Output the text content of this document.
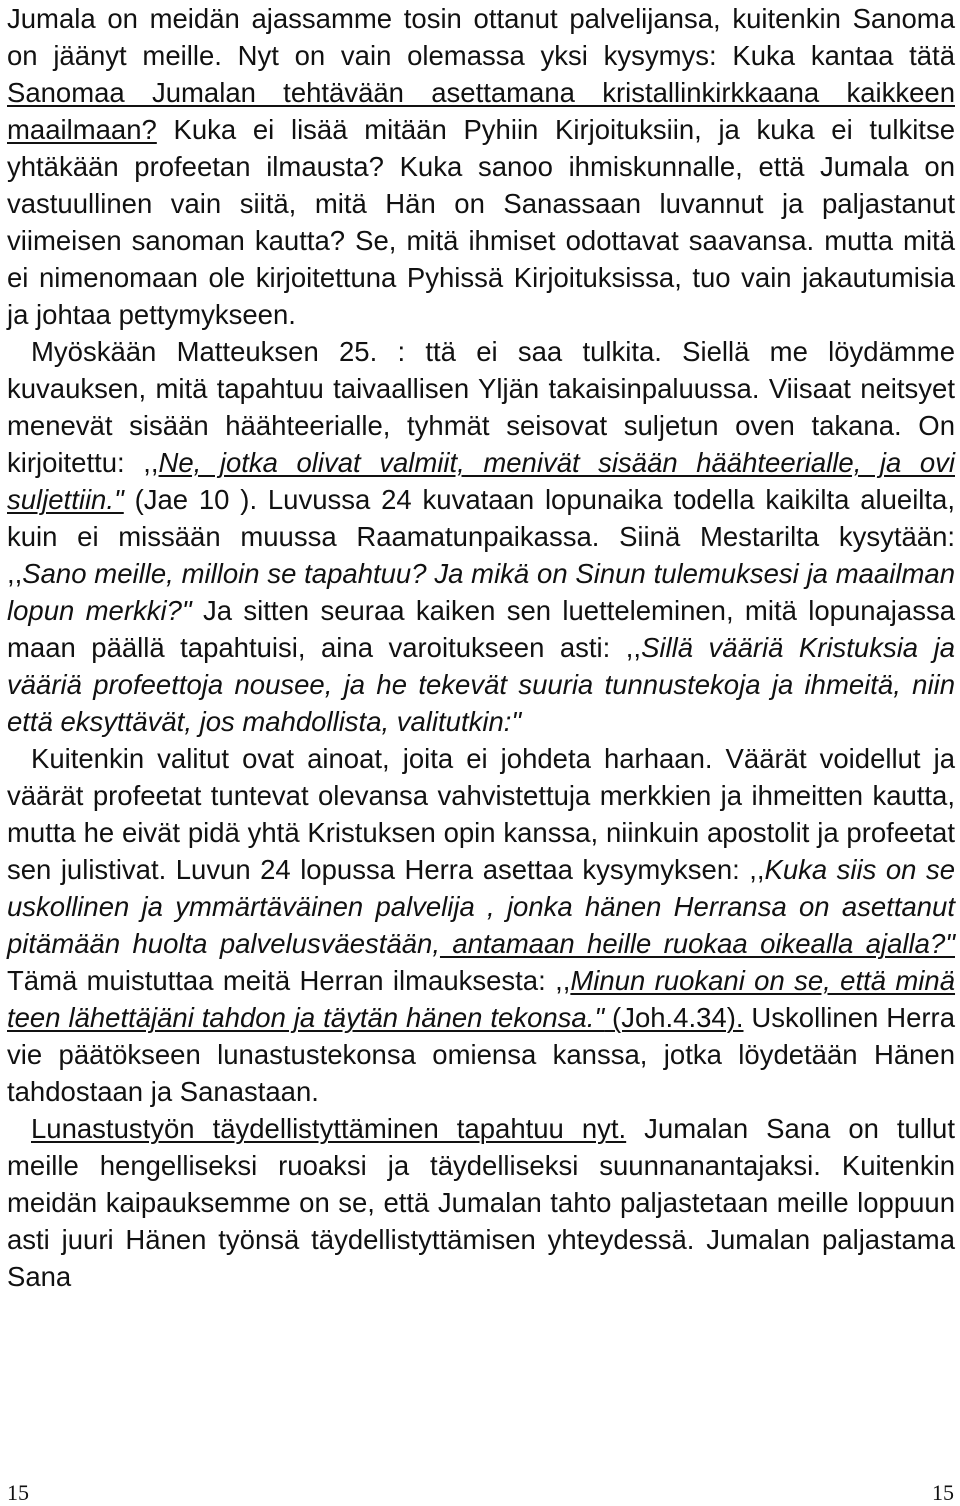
Jumala on meidän ajassamme tosin ottanut palvelijansa, kuitenkin Sanoma on jäänyt meille. Nyt on vain olemassa yksi kysymys: Kuka kantaa tätä Sanomaa Jumalan tehtävään asettamana kristallinkirkkaana kaikkeen maailmaan? Kuka ei lisää mitään Pyhiin Kirjoituksiin, ja kuka ei tulkitse yhtäkään profeetan ilmausta? Kuka sanoo ihmiskunnalle, että Jumala on vastuullinen vain siitä, mitä Hän on Sanassaan luvannut ja paljastanut viimeisen sanoman kautta? Se, mitä ihmiset odottavat saavansa. mutta mitä ei nimenomaan ole kirjoitettuna Pyhissä Kirjoituksissa, tuo vain jakautumisia ja johtaa pettymykseen.

Myöskään Matteuksen 25. : ttä ei saa tulkita. Siellä me löydämme kuvauksen, mitä tapahtuu taivaallisen Yljän takaisinpaluussa. Viisaat neitsyet menevät sisään häähteerialle, tyhmät seisovat suljetun oven takana. On kirjoitettu: ,,Ne, jotka olivat valmiit, menivät sisään häähteerialle, ja ovi suljettiin." (Jae 10 ). Luvussa 24 kuvataan lopunaika todella kaikilta alueilta, kuin ei missään muussa Raamatunpaikassa. Siinä Mestarilta kysytään: ,,Sano meille, milloin se tapahtuu? Ja mikä on Sinun tulemuksesi ja maailman lopun merkki?" Ja sitten seuraa kaiken sen luetteleminen, mitä lopunajassa maan päällä tapahtuisi, aina varoitukseen asti: ,,Sillä vääriä Kristuksia ja vääriä profeettoja nousee, ja he tekevät suuria tunnustekoja ja ihmeitä, niin että eksyttävät, jos mahdollista, valitutkin:"

Kuitenkin valitut ovat ainoat, joita ei johdeta harhaan. Väärät voidellut ja väärät profeetat tuntevat olevansa vahvistettuja merkkien ja ihmeitten kautta, mutta he eivät pidä yhtä Kristuksen opin kanssa, niinkuin apostolit ja profeetat sen julistivat. Luvun 24 lopussa Herra asettaa kysymyksen: ,,Kuka siis on se uskollinen ja ymmärtäväinen palvelija , jonka hänen Herransa on asettanut pitämään huolta palvelusväestään, antamaan heille ruokaa oikealla ajalla?" Tämä muistuttaa meitä Herran ilmauksesta: ,,Minun ruokani on se, että minä teen lähettäjäni tahdon ja täytän hänen tekonsa." (Joh.4.34). Uskollinen Herra vie päätökseen lunastustekonsa omiensa kanssa, jotka löydetään Hänen tahdostaan ja Sanastaan.

Lunastustyön täydellistyttäminen tapahtuu nyt. Jumalan Sana on tullut meille hengelliseksi ruoaksi ja täydelliseksi suunnanantajaksi. Kuitenkin meidän kaipauksemme on se, että Jumalan tahto paljastetaan meille loppuun asti juuri Hänen työnsä täydellistyttämisen yhteydessä. Jumalan paljastama Sana

15	15
